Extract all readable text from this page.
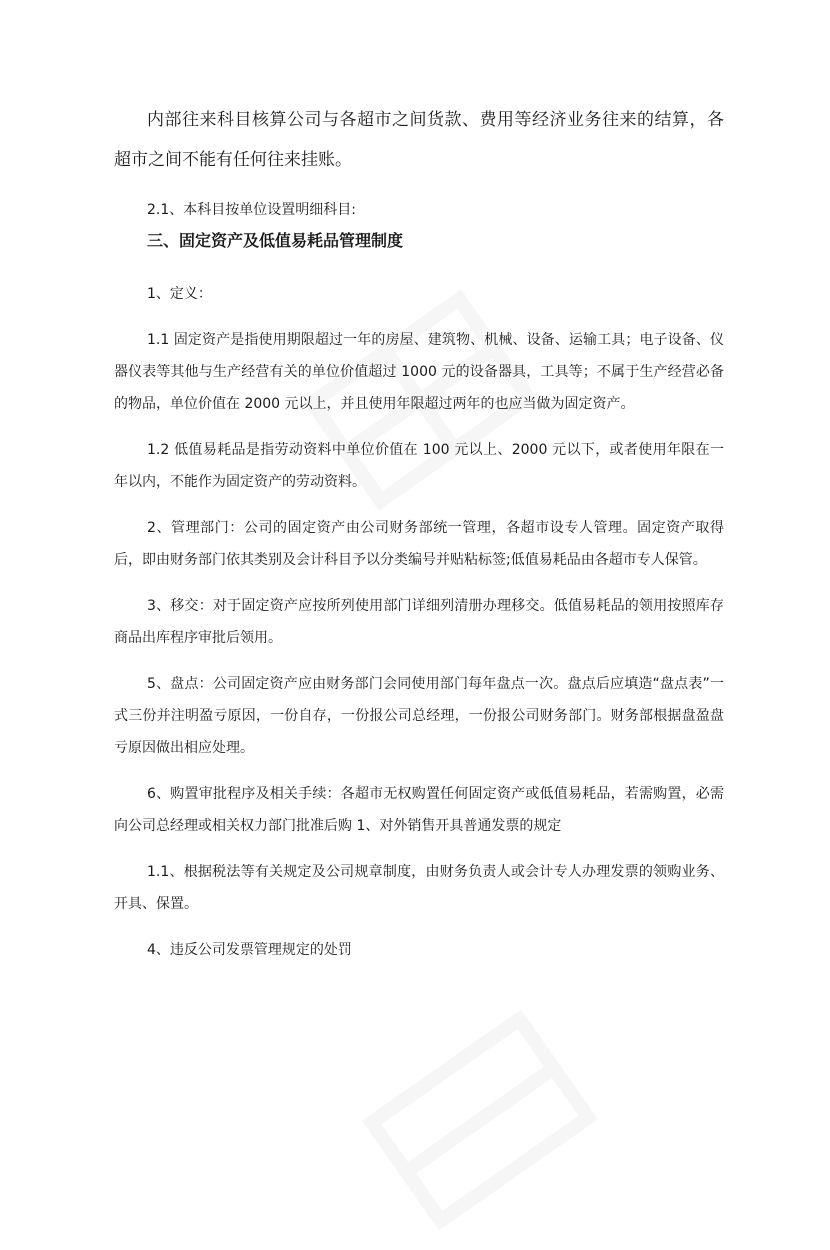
内部往来科目核算公司与各超市之间货款、费用等经济业务往来的结算，各超市之间不能有任何往来挂账。

2.1、本科目按单位设置明细科目:

三、固定资产及低值易耗品管理制度

1、定义：

1.1 固定资产是指使用期限超过一年的房屋、建筑物、机械、设备、运输工具；电子设备、仪器仪表等其他与生产经营有关的单位价值超过 1000 元的设备器具，工具等；不属于生产经营必备的物品，单位价值在 2000 元以上，并且使用年限超过两年的也应当做为固定资产。

1.2 低值易耗品是指劳动资料中单位价值在 100 元以上、2000 元以下，或者使用年限在一年以内，不能作为固定资产的劳动资料。

2、管理部门：公司的固定资产由公司财务部统一管理，各超市设专人管理。固定资产取得后，即由财务部门依其类别及会计科目予以分类编号并贴粘标签;低值易耗品由各超市专人保管。

3、移交：对于固定资产应按所列使用部门详细列清册办理移交。低值易耗品的领用按照库存商品出库程序审批后领用。

5、盘点：公司固定资产应由财务部门会同使用部门每年盘点一次。盘点后应填造“盘点表”一式三份并注明盈亏原因，一份自存，一份报公司总经理，一份报公司财务部门。财务部根据盘盈盘亏原因做出相应处理。

6、购置审批程序及相关手续：各超市无权购置任何固定资产或低值易耗品，若需购置，必需向公司总经理或相关权力部门批准后购 1、对外销售开具普通发票的规定

1.1、根据税法等有关规定及公司规章制度，由财务负责人或会计专人办理发票的领购业务、开具、保置。

4、违反公司发票管理规定的处罚
